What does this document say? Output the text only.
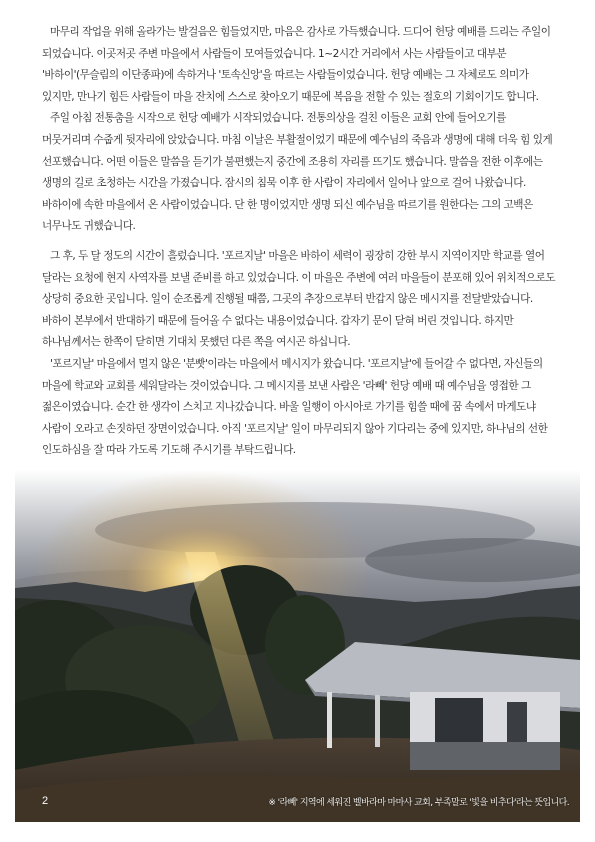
마무리 작업을 위해 올라가는 발걸음은 힘들었지만, 마음은 감사로 가득했습니다. 드디어 헌당 예배를 드리는 주일이 되었습니다. 이곳저곳 주변 마을에서 사람들이 모여들었습니다. 1~2시간 거리에서 사는 사람들이고 대부분 '바하이'(무슬림의 이단종파)에 속하거나 '토속신앙'을 따르는 사람들이었습니다. 헌당 예배는 그 자체로도 의미가 있지만, 만나기 힘든 사람들이 마을 잔치에 스스로 찾아오기 때문에 복음을 전할 수 있는 절호의 기회이기도 합니다.

주일 아침 전통춤을 시작으로 헌당 예배가 시작되었습니다. 전통의상을 걸친 이들은 교회 안에 들어오기를 머뭇거리며 수줍게 뒷자리에 앉았습니다. 마침 이날은 부활절이었기 때문에 예수님의 죽음과 생명에 대해 더욱 힘 있게 선포했습니다. 어떤 이들은 말씀을 듣기가 불편했는지 중간에 조용히 자리를 뜨기도 했습니다. 말씀을 전한 이후에는 생명의 길로 초청하는 시간을 가졌습니다. 잠시의 침묵 이후 한 사람이 자리에서 일어나 앞으로 걸어 나왔습니다. 바하이에 속한 마을에서 온 사람이었습니다. 단 한 명이었지만 생명 되신 예수님을 따르기를 원한다는 그의 고백은 너무나도 귀했습니다.

그 후, 두 달 정도의 시간이 흘렀습니다. '포르지날' 마을은 바하이 세력이 굉장히 강한 부시 지역이지만 학교를 열어 달라는 요청에 현지 사역자를 보낼 준비를 하고 있었습니다. 이 마을은 주변에 여러 마을들이 분포해 있어 위치적으로도 상당히 중요한 곳입니다. 일이 순조롭게 진행될 때쯤, 그곳의 추장으로부터 반갑지 않은 메시지를 전달받았습니다. 바하이 본부에서 반대하기 때문에 들어올 수 없다는 내용이었습니다. 갑자기 문이 닫혀 버린 것입니다. 하지만 하나님께서는 한쪽이 닫히면 기대치 못했던 다른 쪽을 여시곤 하십니다.

'포르지날' 마을에서 멀지 않은 '분빳'이라는 마을에서 메시지가 왔습니다. '포르지날'에 들어갈 수 없다면, 자신들의 마을에 학교와 교회를 세워달라는 것이었습니다. 그 메시지를 보낸 사람은 '라빼' 헌당 예배 때 예수님을 영접한 그 젊은이였습니다. 순간 한 생각이 스치고 지나갔습니다. 바울 일행이 아시아로 가기를 힘쓸 때에 꿈 속에서 마게도냐 사람이 오라고 손짓하던 장면이었습니다. 아직 '포르지날' 일이 마무리되지 않아 기다리는 중에 있지만, 하나님의 선한 인도하심을 잘 따라 가도록 기도해 주시기를 부탁드립니다.

2	※ '라빼' 지역에 세워진 벨바라마 마마사 교회, 부족말로 '빛을 비추다'라는 뜻입니다.
